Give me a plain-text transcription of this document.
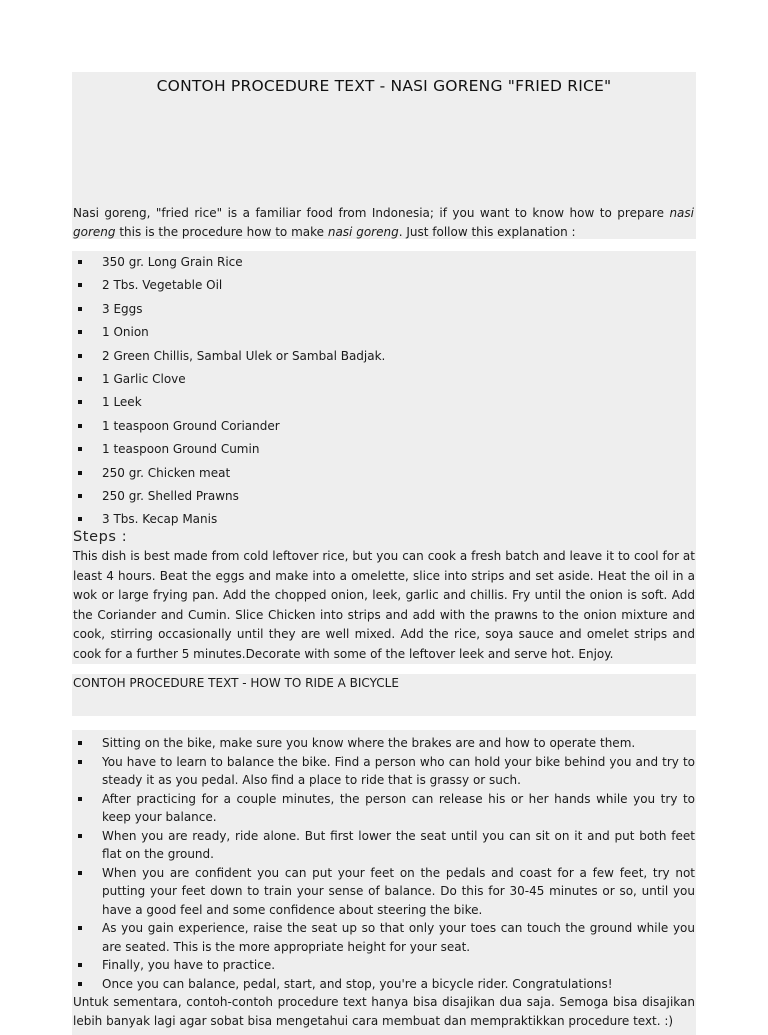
CONTOH PROCEDURE TEXT - NASI GORENG "FRIED RICE"

Nasi goreng, "fried rice" is a familiar food from Indonesia; if you want to know how to prepare nasi goreng this is the procedure how to make nasi goreng. Just follow this explanation :

350 gr. Long Grain Rice
2 Tbs. Vegetable Oil
3 Eggs
1 Onion
2 Green Chillis, Sambal Ulek or Sambal Badjak.
1 Garlic Clove
1 Leek
1 teaspoon Ground Coriander
1 teaspoon Ground Cumin
250 gr. Chicken meat
250 gr. Shelled Prawns
3 Tbs. Kecap Manis
Steps :

This dish is best made from cold leftover rice, but you can cook a fresh batch and leave it to cool for at least 4 hours. Beat the eggs and make into a omelette, slice into strips and set aside. Heat the oil in a wok or large frying pan. Add the chopped onion, leek, garlic and chillis. Fry until the onion is soft. Add the Coriander and Cumin. Slice Chicken into strips and add with the prawns to the onion mixture and cook, stirring occasionally until they are well mixed. Add the rice, soya sauce and omelet strips and cook for a further 5 minutes.Decorate with some of the leftover leek and serve hot. Enjoy.

CONTOH PROCEDURE TEXT - HOW TO RIDE A BICYCLE
Sitting on the bike, make sure you know where the brakes are and how to operate them.
You have to learn to balance the bike. Find a person who can hold your bike behind you and try to steady it as you pedal. Also find a place to ride that is grassy or such.
After practicing for a couple minutes, the person can release his or her hands while you try to keep your balance.
When you are ready, ride alone. But first lower the seat until you can sit on it and put both feet flat on the ground.
When you are confident you can put your feet on the pedals and coast for a few feet, try not putting your feet down to train your sense of balance. Do this for 30-45 minutes or so, until you have a good feel and some confidence about steering the bike.
As you gain experience, raise the seat up so that only your toes can touch the ground while you are seated. This is the more appropriate height for your seat.
Finally, you have to practice.
Once you can balance, pedal, start, and stop, you're a bicycle rider. Congratulations!

Untuk sementara, contoh-contoh procedure text hanya bisa disajikan dua saja. Semoga bisa disajikan lebih banyak lagi agar sobat bisa mengetahui cara membuat dan mempraktikkan procedure text. :)
